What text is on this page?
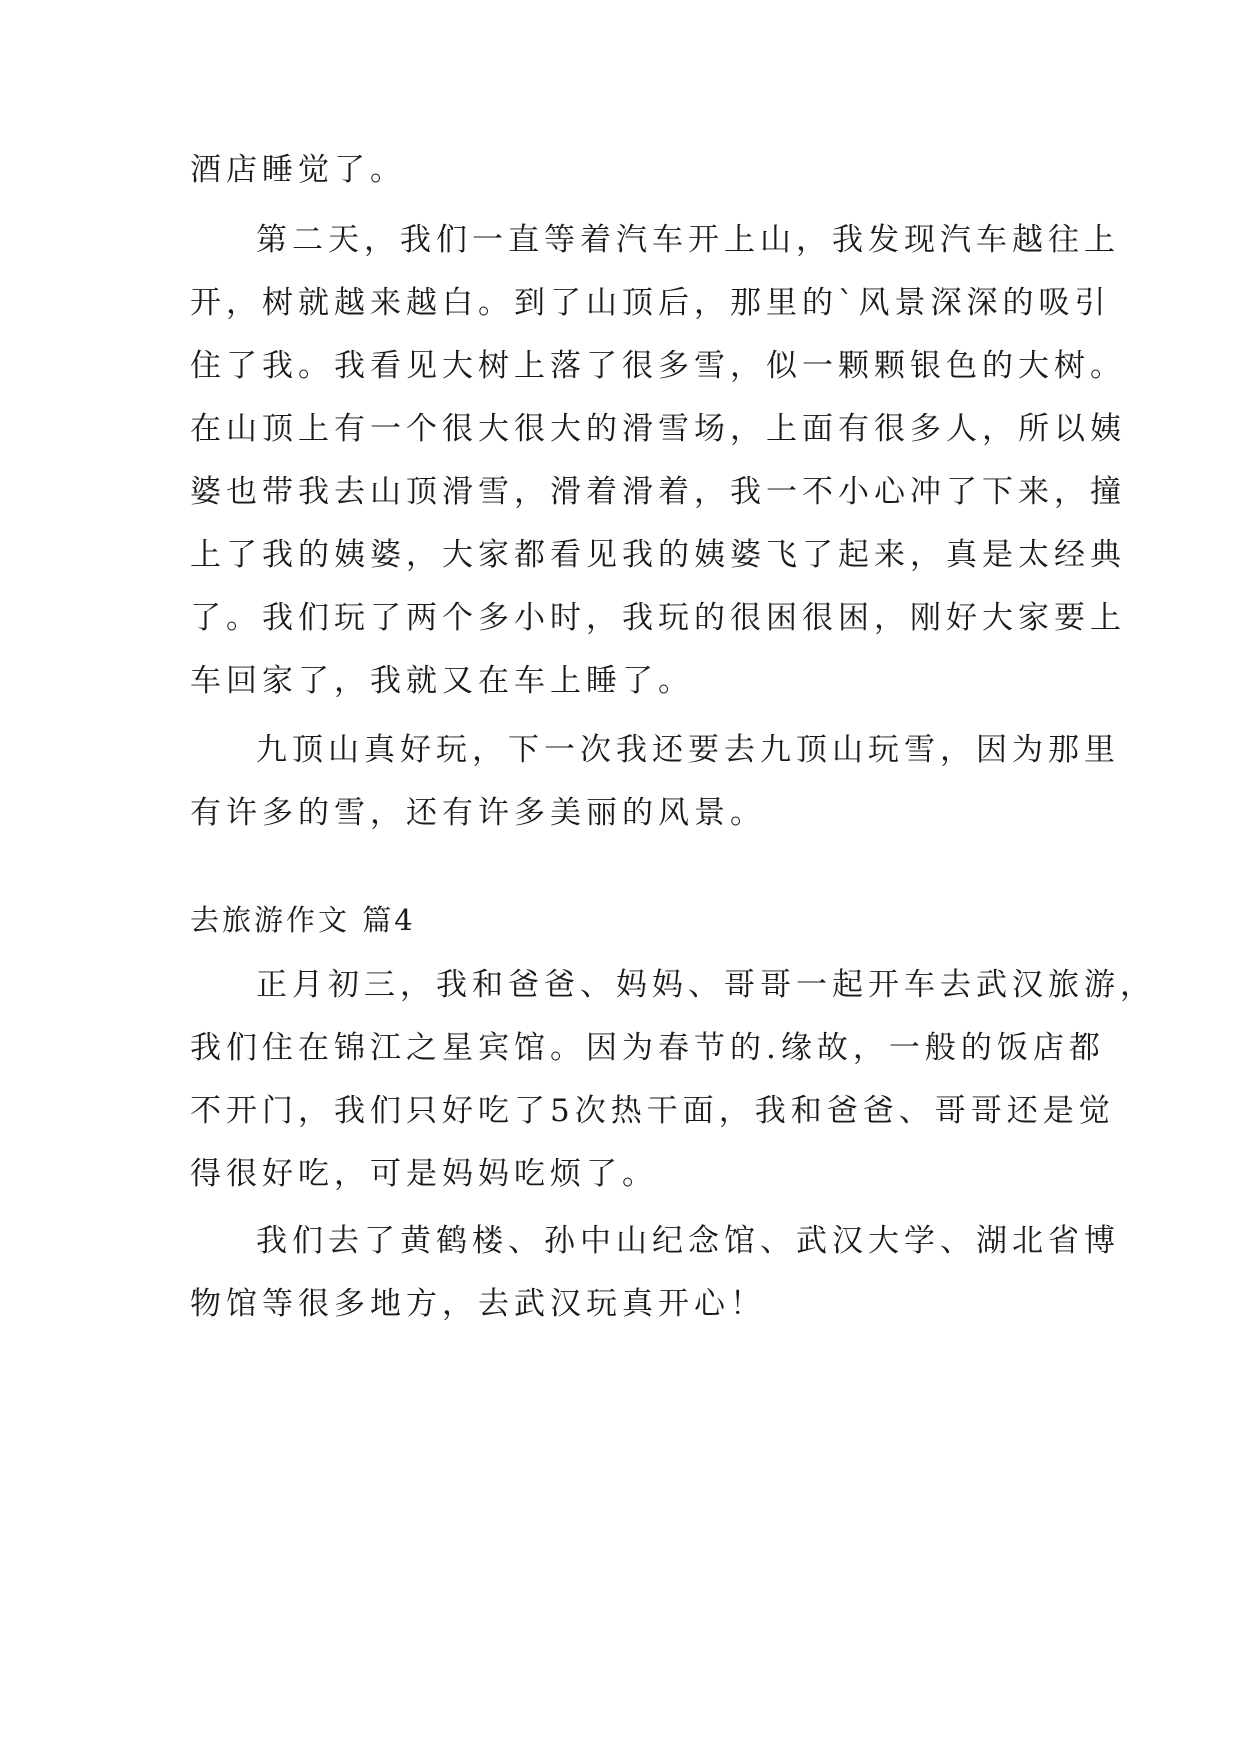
酒店睡觉了。
第二天，我们一直等着汽车开上山，我发现汽车越往上
开，树就越来越白。到了山顶后，那里的`风景深深的吸引
住了我。我看见大树上落了很多雪，似一颗颗银色的大树。
在山顶上有一个很大很大的滑雪场，上面有很多人，所以姨
婆也带我去山顶滑雪，滑着滑着，我一不小心冲了下来，撞
上了我的姨婆，大家都看见我的姨婆飞了起来，真是太经典
了。我们玩了两个多小时，我玩的很困很困，刚好大家要上
车回家了，我就又在车上睡了。
九顶山真好玩，下一次我还要去九顶山玩雪，因为那里
有许多的雪，还有许多美丽的风景。
去旅游作文 篇4
正月初三，我和爸爸、妈妈、哥哥一起开车去武汉旅游，
我们住在锦江之星宾馆。因为春节的.缘故，一般的饭店都
不开门，我们只好吃了5次热干面，我和爸爸、哥哥还是觉
得很好吃，可是妈妈吃烦了。
我们去了黄鹤楼、孙中山纪念馆、武汉大学、湖北省博
物馆等很多地方，去武汉玩真开心！
